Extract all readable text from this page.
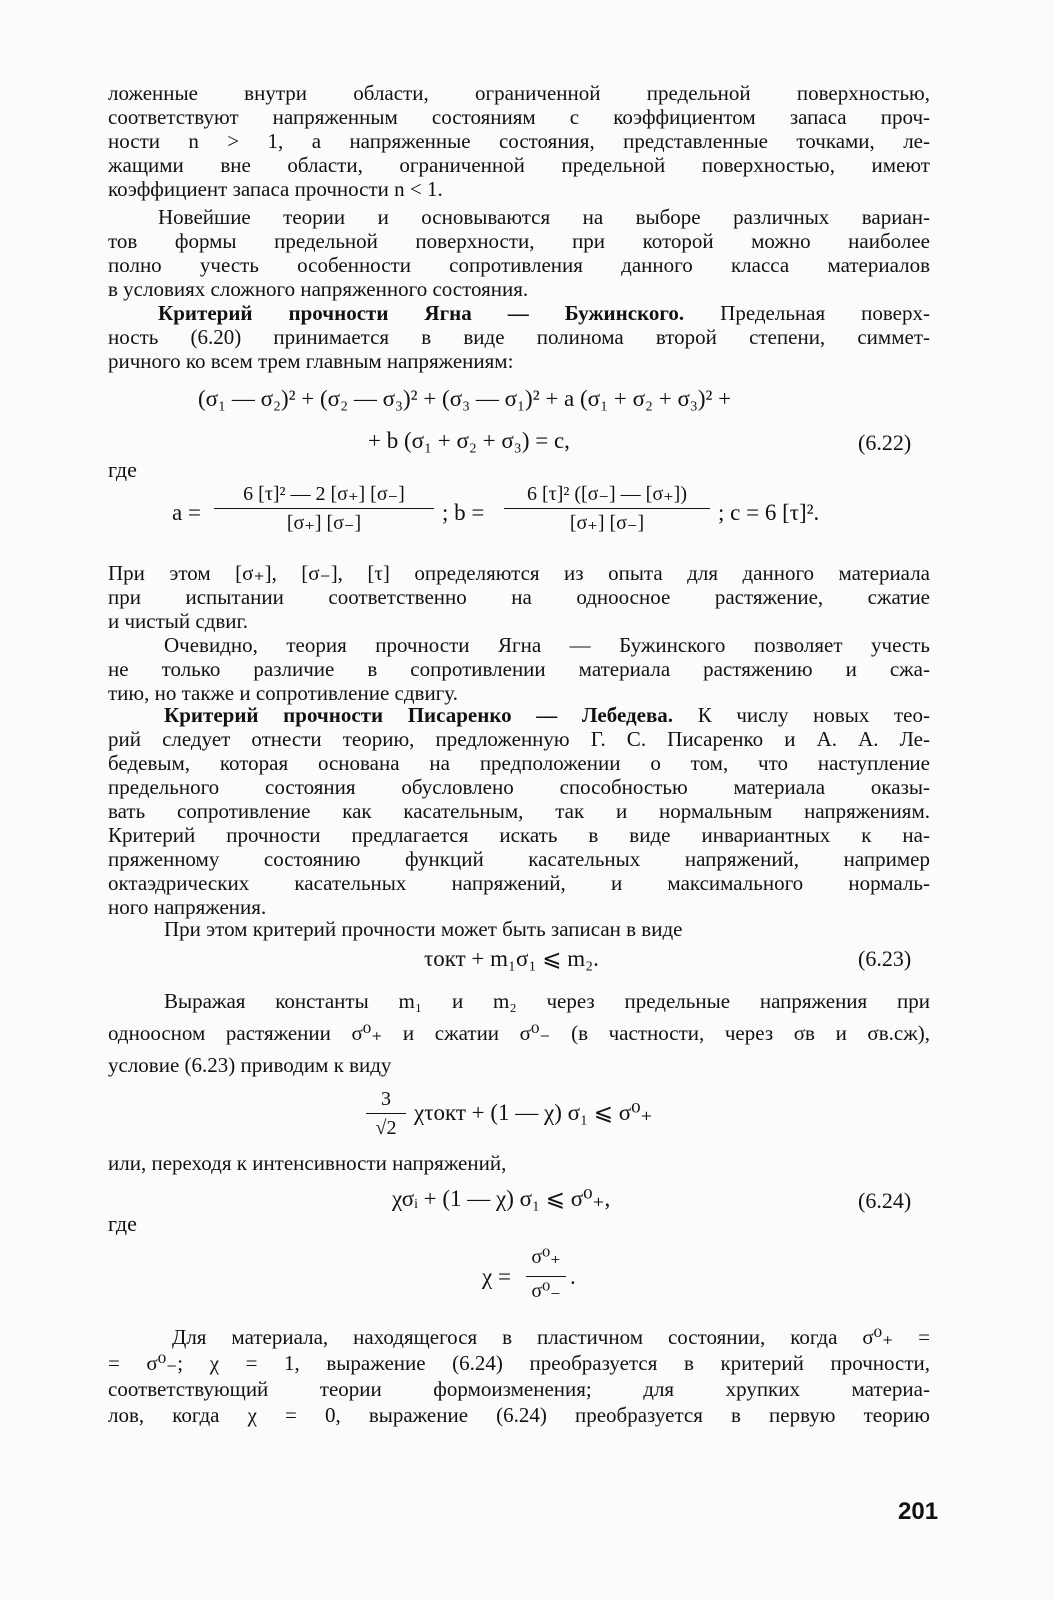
ложенные внутри области, ограниченной предельной поверхностью,
соответствуют напряженным состояниям с коэффициентом запаса проч-
ности n > 1, а напряженные состояния, представленные точками, ле-
жащими вне области, ограниченной предельной поверхностью, имеют
коэффициент запаса прочности n < 1.
Новейшие теории и основываются на выборе различных вариан-
тов формы предельной поверхности, при которой можно наиболее
полно учесть особенности сопротивления данного класса материалов
в условиях сложного напряженного состояния.
Критерий прочности Ягна — Бужинского. Предельная поверх-
ность (6.20) принимается в виде полинома второй степени, симмет-
ричного ко всем трем главным напряжениям:
(σ₁ — σ₂)² + (σ₂ — σ₃)² + (σ₃ — σ₁)² + a (σ₁ + σ₂ + σ₃)² +
+ b (σ₁ + σ₂ + σ₃) = c,	(6.22)
где
a =
6 [τ]² — 2 [σ₊] [σ₋]
[σ₊] [σ₋]	; b =
6 [τ]² ([σ₋] — [σ₊])
[σ₊] [σ₋]	; c = 6 [τ]².
При этом [σ₊], [σ₋], [τ] определяются из опыта для данного материала
при испытании соответственно на одноосное растяжение, сжатие
и чистый сдвиг.
Очевидно, теория прочности Ягна — Бужинского позволяет учесть
не только различие в сопротивлении материала растяжению и сжа-
тию, но также и сопротивление сдвигу.
Критерий прочности Писаренко — Лебедева. К числу новых тео-
рий следует отнести теорию, предложенную Г. С. Писаренко и А. А. Ле-
бедевым, которая основана на предположении о том, что наступление
предельного состояния обусловлено способностью материала оказы-
вать сопротивление как касательным, так и нормальным напряжениям.
Критерий прочности предлагается искать в виде инвариантных к на-
пряженному состоянию функций касательных напряжений, например
октаэдрических касательных напряжений, и максимального нормаль-
ного напряжения.
При этом критерий прочности может быть записан в виде
τокт + m₁σ₁ ⩽ m₂.	(6.23)
Выражая константы m₁ и m₂ через предельные напряжения при
одноосном растяжении σ⁰₊ и сжатии σ⁰₋ (в частности, через σв и σв.сж),
условие (6.23) приводим к виду
3
√2
χτокт + (1 — χ) σ₁ ⩽ σ⁰₊
или, переходя к интенсивности напряжений,
χσᵢ + (1 — χ) σ₁ ⩽ σ⁰₊,	(6.24)
где
χ =
σ⁰₊
σ⁰₋
.
Для материала, находящегося в пластичном состоянии, когда σ⁰₊ =
= σ⁰₋; χ = 1, выражение (6.24) преобразуется в критерий прочности,
соответствующий теории формоизменения; для хрупких материа-
лов, когда χ = 0, выражение (6.24) преобразуется в первую теорию
201
